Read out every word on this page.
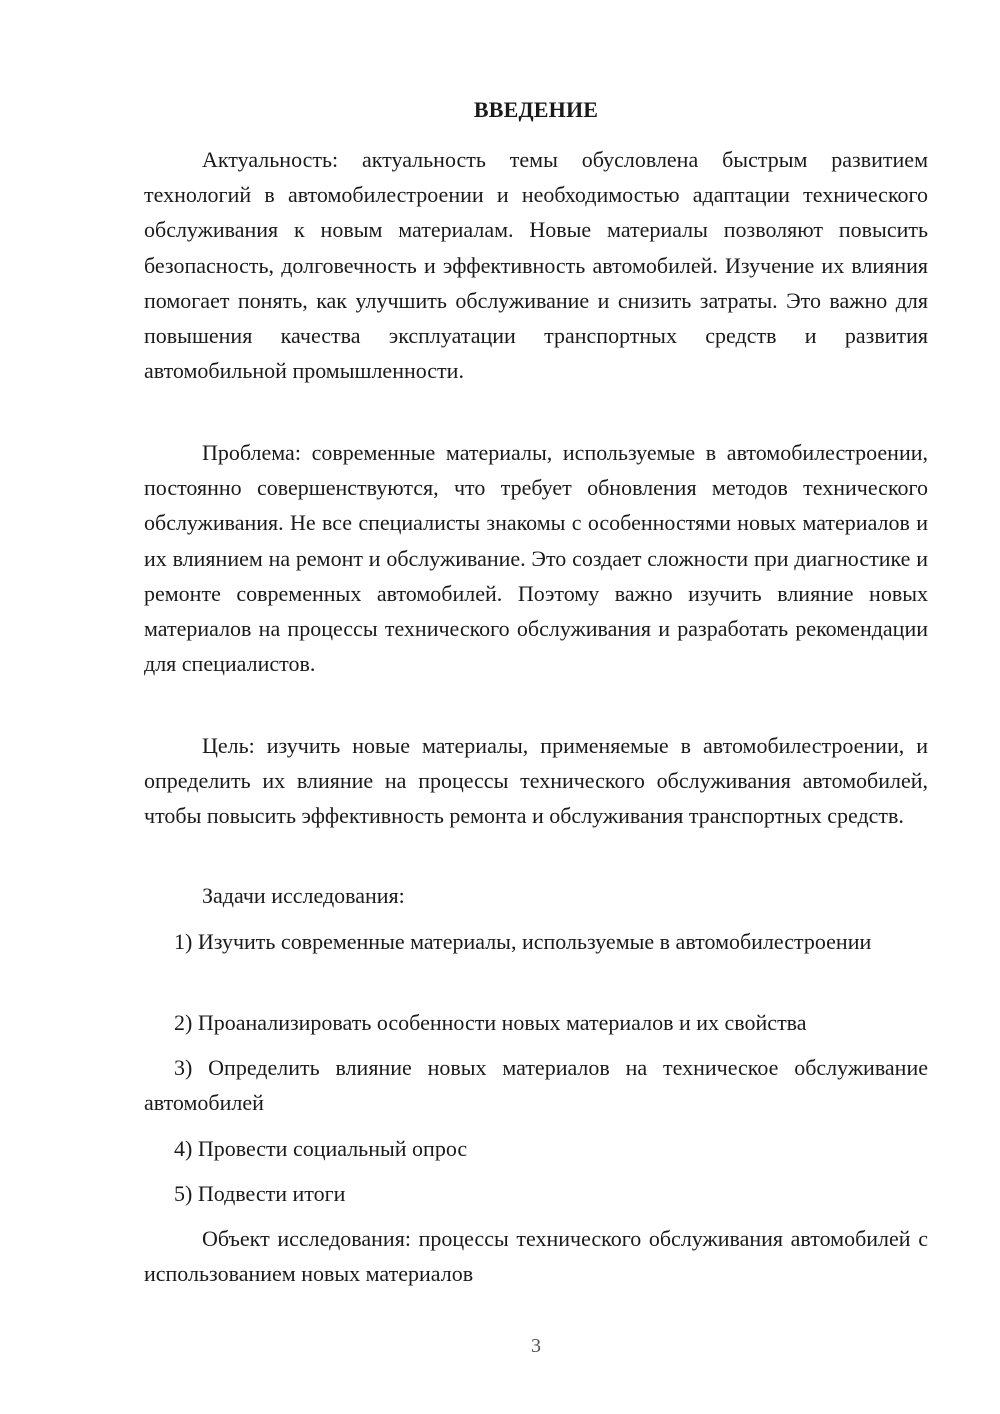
ВВЕДЕНИЕ

Актуальность: актуальность темы обусловлена быстрым развитием технологий в автомобилестроении и необходимостью адаптации технического обслуживания к новым материалам. Новые материалы позволяют повысить безопасность, долговечность и эффективность автомобилей. Изучение их влияния помогает понять, как улучшить обслуживание и снизить затраты. Это важно для повышения качества эксплуатации транспортных средств и развития автомобильной промышленности.

Проблема: современные материалы, используемые в автомобилестроении, постоянно совершенствуются, что требует обновления методов технического обслуживания. Не все специалисты знакомы с особенностями новых материалов и их влиянием на ремонт и обслуживание. Это создает сложности при диагностике и ремонте современных автомобилей. Поэтому важно изучить влияние новых материалов на процессы технического обслуживания и разработать рекомендации для специалистов.

Цель: изучить новые материалы, применяемые в автомобилестроении, и определить их влияние на процессы технического обслуживания автомобилей, чтобы повысить эффективность ремонта и обслуживания транспортных средств.

Задачи исследования:

1) Изучить современные материалы, используемые в автомобилестроении

2) Проанализировать особенности новых материалов и их свойства

3) Определить влияние новых материалов на техническое обслуживание автомобилей

4) Провести социальный опрос

5) Подвести итоги

Объект исследования: процессы технического обслуживания автомобилей с использованием новых материалов

3
